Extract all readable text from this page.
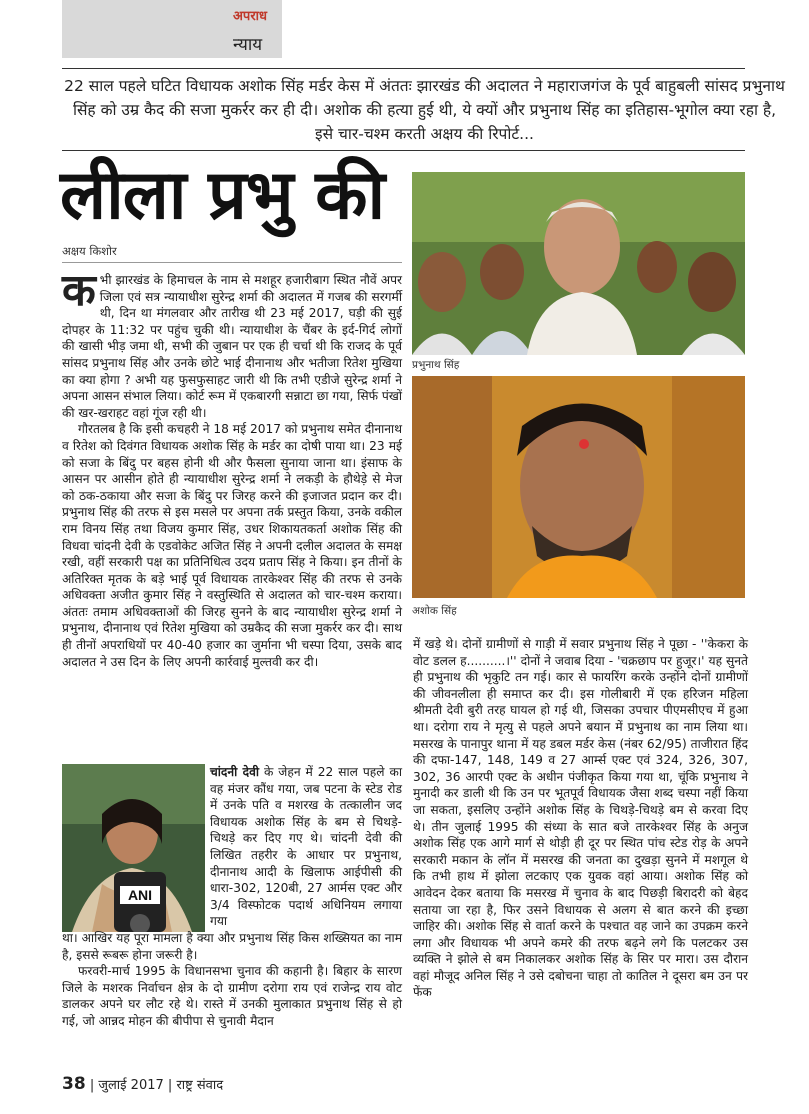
अपराध
न्याय
22 साल पहले घटित विधायक अशोक सिंह मर्डर केस में अंततः झारखंड की अदालत ने महाराजगंज के पूर्व बाहुबली सांसद प्रभुनाथ सिंह को उम्र कैद की सजा मुकर्रर कर ही दी। अशोक की हत्या हुई थी, ये क्यों और प्रभुनाथ सिंह का इतिहास-भूगोल क्या रहा है, इसे चार-चश्म करती अक्षय की रिपोर्ट...
लीला प्रभु की
अक्षय किशोर

कभी झारखंड के हिमाचल के नाम से मशहूर हजारीबाग स्थित नौवें अपर जिला एवं सत्र न्यायाधीश सुरेन्द्र शर्मा की अदालत में गजब की सरगर्मी थी, दिन था मंगलवार और तारीख थी 23 मई 2017, घड़ी की सुई दोपहर के 11:32 पर पहुंच चुकी थी। न्यायाधीश के चैंबर के इर्द-गिर्द लोगों की खासी भीड़ जमा थी, सभी की जुबान पर एक ही चर्चा थी कि राजद के पूर्व सांसद प्रभुनाथ सिंह और उनके छोटे भाई दीनानाथ और भतीजा रितेश मुखिया का क्या होगा ? अभी यह फुसफुसाहट जारी थी कि तभी एडीजे सुरेन्द्र शर्मा ने अपना आसन संभाल लिया। कोर्ट रूम में एकबारगी सन्नाटा छा गया, सिर्फ पंखों की खर-खराहट वहां गूंज रही थी।

गौरतलब है कि इसी कचहरी ने 18 मई 2017 को प्रभुनाथ समेत दीनानाथ व रितेश को दिवंगत विधायक अशोक सिंह के मर्डर का दोषी पाया था। 23 मई को सजा के बिंदु पर बहस होनी थी और फैसला सुनाया जाना था। इंसाफ के आसन पर आसीन होते ही न्यायाधीश सुरेन्द्र शर्मा ने लकड़ी के हौथेड़े से मेज को ठक-ठकाया और सजा के बिंदु पर जिरह करने की इजाजत प्रदान कर दी। प्रभुनाथ सिंह की तरफ से इस मसले पर अपना तर्क प्रस्तुत किया, उनके वकील राम विनय सिंह तथा विजय कुमार सिंह, उधर शिकायतकर्ता अशोक सिंह की विधवा चांदनी देवी के एडवोकेट अजित सिंह ने अपनी दलील अदालत के समक्ष रखी, वहीं सरकारी पक्ष का प्रतिनिधित्व उदय प्रताप सिंह ने किया। इन तीनों के अतिरिक्त मृतक के बड़े भाई पूर्व विधायक तारकेश्वर सिंह की तरफ से उनके अधिवक्ता अजीत कुमार सिंह ने वस्तुस्थिति से अदालत को चार-चश्म कराया। अंततः तमाम अधिवक्ताओं की जिरह सुनने के बाद न्यायाधीश सुरेन्द्र शर्मा ने प्रभुनाथ, दीनानाथ एवं रितेश मुखिया को उम्रकैद की सजा मुकर्रर कर दी। साथ ही तीनों अपराधियों पर 40-40 हजार का जुर्माना भी चस्पा दिया, उसके बाद अदालत ने उस दिन के लिए अपनी कार्रवाई मुल्तवी कर दी।

ANI
चांदनी देवी के जेहन में 22 साल पहले का वह मंजर कौंध गया, जब पटना के स्टेड रोड में उनके पति व मशरख के तत्कालीन जद विधायक अशोक सिंह के बम से चिथड़े-चिथड़े कर दिए गए थे। चांदनी देवी की लिखित तहरीर के आधार पर प्रभुनाथ, दीनानाथ आदी के खिलाफ आईपीसी की धारा-302, 120बी, 27 आर्मस एक्ट और 3/4 विस्फोटक पदार्थ अधिनियम लगाया गया

था। आखिर यह पूरा मामला है क्या और प्रभुनाथ सिंह किस शख्सियत का नाम है, इससे रूबरू होना जरूरी है।

फरवरी-मार्च 1995 के विधानसभा चुनाव की कहानी है। बिहार के सारण जिले के मशरक निर्वाचन क्षेत्र के दो ग्रामीण दरोगा राय एवं राजेन्द्र राय वोट डालकर अपने घर लौट रहे थे। रास्ते में उनकी मुलाकात प्रभुनाथ सिंह से हो गई, जो आन्नद मोहन की बीपीपा से चुनावी मैदान

प्रभुनाथ सिंह
अशोक सिंह

में खड़े थे। दोनों ग्रामीणों से गाड़ी में सवार प्रभुनाथ सिंह ने पूछा - ''केकरा के वोट डलल ह..........।'' दोनों ने जवाब दिया - 'चक्रछाप पर हुजूर।' यह सुनते ही प्रभुनाथ की भृकुटि तन गई। कार से फायरिंग करके उन्होंने दोनों ग्रामीणों की जीवनलीला ही समाप्त कर दी। इस गोलीबारी में एक हरिजन महिला श्रीमती देवी बुरी तरह घायल हो गई थी, जिसका उपचार पीएमसीएच में हुआ था। दरोगा राय ने मृत्यु से पहले अपने बयान में प्रभुनाथ का नाम लिया था। मसरख के पानापुर थाना में यह डबल मर्डर केस (नंबर 62/95) ताजीरात हिंद की दफा-147, 148, 149 व 27 आर्म्स एक्ट एवं 324, 326, 307, 302, 36 आरपी एक्ट के अधीन पंजीकृत किया गया था, चूंकि प्रभुनाथ ने मुनादी कर डाली थी कि उन पर भूतपूर्व विधायक जैसा शब्द चस्पा नहीं किया जा सकता, इसलिए उन्होंने अशोक सिंह के चिथड़े-चिथड़े बम से करवा दिए थे। तीन जुलाई 1995 की संध्या के सात बजे तारकेश्वर सिंह के अनुज अशोक सिंह एक आगे मार्ग से थोड़ी ही दूर पर स्थित पांच स्टेड रोड़ के अपने सरकारी मकान के लॉन में मसरख की जनता का दुखड़ा सुनने में मशगूल थे कि तभी हाथ में झोला लटकाए एक युवक वहां आया। अशोक सिंह को आवेदन देकर बताया कि मसरख में चुनाव के बाद पिछड़ी बिरादरी को बेहद सताया जा रहा है, फिर उसने विधायक से अलग से बात करने की इच्छा जाहिर की। अशोक सिंह से वार्ता करने के पश्चात वह जाने का उपक्रम करने लगा और विधायक भी अपने कमरे की तरफ बढ़ने लगे कि पलटकर उस व्यक्ति ने झोले से बम निकालकर अशोक सिंह के सिर पर मारा। उस दौरान वहां मौजूद अनिल सिंह ने उसे दबोचना चाहा तो कातिल ने दूसरा बम उन पर फेंक

38 | जुलाई 2017 | राष्ट्र संवाद
